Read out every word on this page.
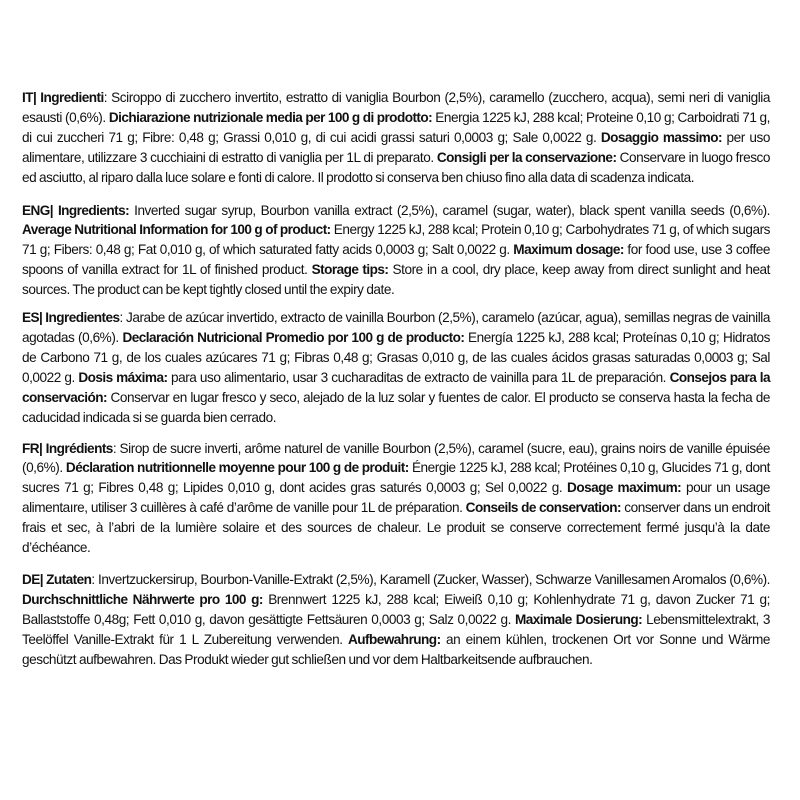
IT| Ingredienti: Sciroppo di zucchero invertito, estratto di vaniglia Bourbon (2,5%), caramello (zucchero, acqua), semi neri di vaniglia esausti (0,6%). Dichiarazione nutrizionale media per 100 g di prodotto: Energia 1225 kJ, 288 kcal; Proteine 0,10 g; Carboidrati 71 g, di cui zuccheri 71 g; Fibre: 0,48 g; Grassi 0,010 g, di cui acidi grassi saturi 0,0003 g; Sale 0,0022 g. Dosaggio massimo: per uso alimentare, utilizzare 3 cucchiaini di estratto di vaniglia per 1L di preparato. Consigli per la conservazione: Conservare in luogo fresco ed asciutto, al riparo dalla luce solare e fonti di calore. Il prodotto si conserva ben chiuso fino alla data di scadenza indicata.

ENG| Ingredients: Inverted sugar syrup, Bourbon vanilla extract (2,5%), caramel (sugar, water), black spent vanilla seeds (0,6%). Average Nutritional Information for 100 g of product: Energy 1225 kJ, 288 kcal; Protein 0,10 g; Carbohydrates 71 g, of which sugars 71 g; Fibers: 0,48 g; Fat 0,010 g, of which saturated fatty acids 0,0003 g; Salt 0,0022 g. Maximum dosage: for food use, use 3 coffee spoons of vanilla extract for 1L of finished product. Storage tips: Store in a cool, dry place, keep away from direct sunlight and heat sources. The product can be kept tightly closed until the expiry date.

ES| Ingredientes: Jarabe de azúcar invertido, extracto de vainilla Bourbon (2,5%), caramelo (azúcar, agua), semillas negras de vainilla agotadas (0,6%). Declaración Nutricional Promedio por 100 g de producto: Energía 1225 kJ, 288 kcal; Proteínas 0,10 g; Hidratos de Carbono 71 g, de los cuales azúcares 71 g; Fibras 0,48 g; Grasas 0,010 g, de las cuales ácidos grasas saturadas 0,0003 g; Sal 0,0022 g. Dosis máxima: para uso alimentario, usar 3 cucharaditas de extracto de vainilla para 1L de preparación. Consejos para la conservación: Conservar en lugar fresco y seco, alejado de la luz solar y fuentes de calor. El producto se conserva hasta la fecha de caducidad indicada si se guarda bien cerrado.

FR| Ingrédients: Sirop de sucre inverti, arôme naturel de vanille Bourbon (2,5%), caramel (sucre, eau), grains noirs de vanille épuisée (0,6%). Déclaration nutritionnelle moyenne pour 100 g de produit: Énergie 1225 kJ, 288 kcal; Protéines 0,10 g, Glucides 71 g, dont sucres 71 g; Fibres 0,48 g; Lipides 0,010 g, dont acides gras saturés 0,0003 g; Sel 0,0022 g. Dosage maximum: pour un usage alimentaıre, utiliser 3 cuillères à café d’arôme de vanille pour 1L de préparation. Conseils de conservation: conserver dans un endroit frais et sec, à l’abri de la lumière solaire et des sources de chaleur. Le produit se conserve correctement fermé jusqu’à la date d’échéance.

DE| Zutaten: Invertzuckersirup, Bourbon-Vanille-Extrakt (2,5%), Karamell (Zucker, Wasser), Schwarze Vanillesamen Aromalos (0,6%). Durchschnittliche Nährwerte pro 100 g: Brennwert 1225 kJ, 288 kcal; Eiweiß 0,10 g; Kohlenhydrate 71 g, davon Zucker 71 g; Ballaststoffe 0,48g; Fett 0,010 g, davon gesättigte Fettsäuren 0,0003 g; Salz 0,0022 g. Maximale Dosierung: Lebensmittelextrakt, 3 Teelöffel Vanille-Extrakt für 1 L Zubereitung verwenden. Aufbewahrung: an einem kühlen, trockenen Ort vor Sonne und Wärme geschützt aufbewahren. Das Produkt wieder gut schließen und vor dem Haltbarkeitsende aufbrauchen.
